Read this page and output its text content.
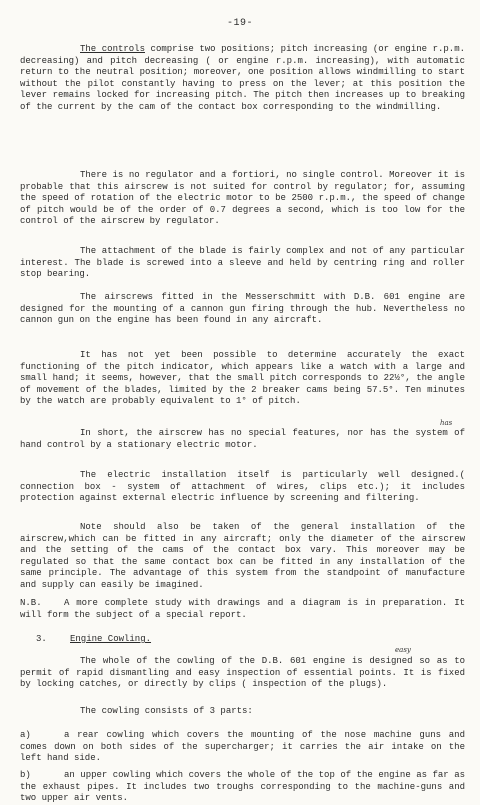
-19-

The controls comprise two positions; pitch increasing (or engine r.p.m. decreasing) and pitch decreasing ( or engine r.p.m. increasing), with automatic return to the neutral position; moreover, one position allows windmilling to start without the pilot constantly having to press on the lever; at this position the lever remains locked for increasing pitch. The pitch then increases up to breaking of the current by the cam of the contact box corresponding to the windmilling.

There is no regulator and a fortiori, no single control. Moreover it is probable that this airscrew is not suited for control by regulator; for, assuming the speed of rotation of the electric motor to be 2500 r.p.m., the speed of change of pitch would be of the order of 0.7 degrees a second, which is too low for the control of the airscrew by regulator.

The attachment of the blade is fairly complex and not of any particular interest. The blade is screwed into a sleeve and held by centring ring and roller stop bearing.

The airscrews fitted in the Messerschmitt with D.B. 601 engine are designed for the mounting of a cannon gun firing through the hub. Nevertheless no cannon gun on the engine has been found in any aircraft.

It has not yet been possible to determine accurately the exact functioning of the pitch indicator, which appears like a watch with a large and small hand; it seems, however, that the small pitch corresponds to 22½°, the angle of movement of the blades, limited by the 2 breaker cams being 57.5°. Ten minutes by the watch are probably equivalent to 1° of pitch.

In short, the airscrew has no special features, nor has the system of hand control by a stationary electric motor.

The electric installation itself is particularly well designed.( connection box - system of attachment of wires, clips etc.); it includes protection against external electric influence by screening and filtering.

Note should also be taken of the general installation of the airscrew,which can be fitted in any aircraft; only the diameter of the airscrew and the setting of the cams of the contact box vary. This moreover may be regulated so that the same contact box can be fitted in any installation of the same principle. The advantage of this system from the standpoint of manufacture and supply can easily be imagined.

N.B. A more complete study with drawings and a diagram is in preparation. It will form the subject of a special report.

3.	Engine Cowling.

The whole of the cowling of the D.B. 601 engine is designed so as to permit of rapid dismantling and easy inspection of essential points. It is fixed by locking catches, or directly by clips ( inspection of the plugs).

The cowling consists of 3 parts:

a)	a rear cowling which covers the mounting of the nose machine guns and comes down on both sides of the supercharger; it carries the air intake on the left hand side.

b)	an upper cowling which covers the whole of the top of the engine as far as the exhaust pipes. It includes two troughs corresponding to the machine-guns and two upper air vents.

has
easy
